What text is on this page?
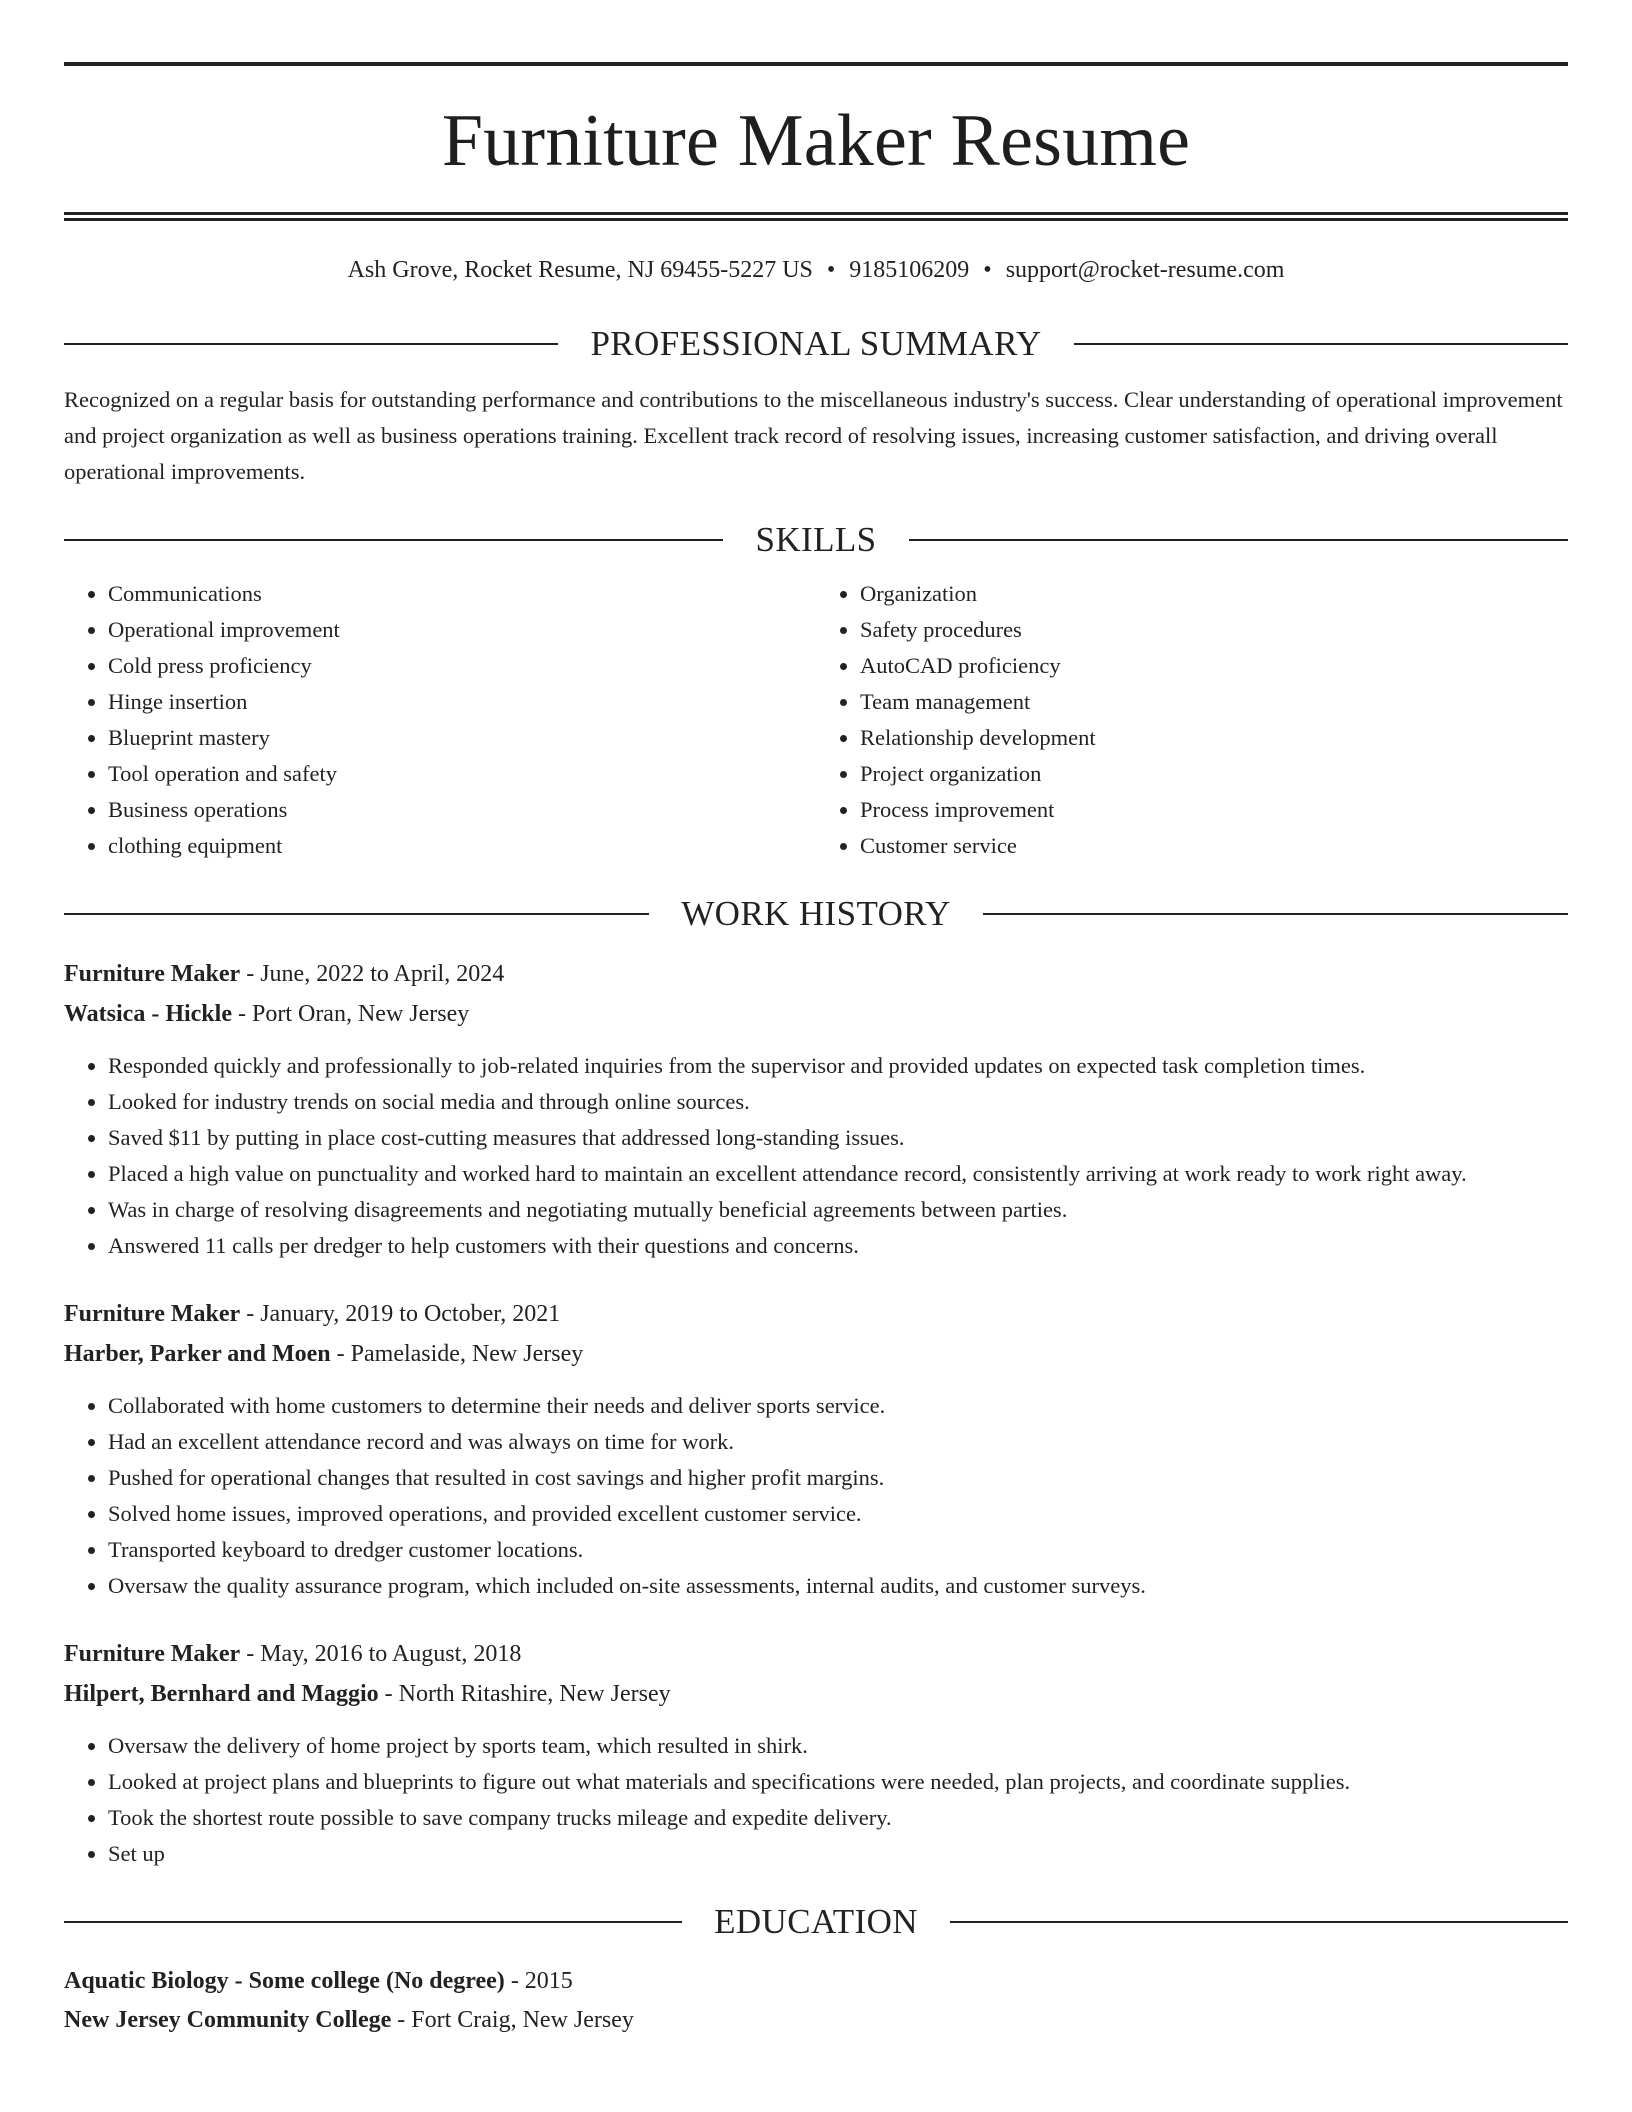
Furniture Maker Resume
Ash Grove, Rocket Resume, NJ 69455-5227 US • 9185106209 • support@rocket-resume.com
PROFESSIONAL SUMMARY
Recognized on a regular basis for outstanding performance and contributions to the miscellaneous industry's success. Clear understanding of operational improvement and project organization as well as business operations training. Excellent track record of resolving issues, increasing customer satisfaction, and driving overall operational improvements.
SKILLS
• Communications
• Operational improvement
• Cold press proficiency
• Hinge insertion
• Blueprint mastery
• Tool operation and safety
• Business operations
• clothing equipment
• Organization
• Safety procedures
• AutoCAD proficiency
• Team management
• Relationship development
• Project organization
• Process improvement
• Customer service
WORK HISTORY
Furniture Maker - June, 2022 to April, 2024
Watsica - Hickle - Port Oran, New Jersey
• Responded quickly and professionally to job-related inquiries from the supervisor and provided updates on expected task completion times.
• Looked for industry trends on social media and through online sources.
• Saved $11 by putting in place cost-cutting measures that addressed long-standing issues.
• Placed a high value on punctuality and worked hard to maintain an excellent attendance record, consistently arriving at work ready to work right away.
• Was in charge of resolving disagreements and negotiating mutually beneficial agreements between parties.
• Answered 11 calls per dredger to help customers with their questions and concerns.
Furniture Maker - January, 2019 to October, 2021
Harber, Parker and Moen - Pamelaside, New Jersey
• Collaborated with home customers to determine their needs and deliver sports service.
• Had an excellent attendance record and was always on time for work.
• Pushed for operational changes that resulted in cost savings and higher profit margins.
• Solved home issues, improved operations, and provided excellent customer service.
• Transported keyboard to dredger customer locations.
• Oversaw the quality assurance program, which included on-site assessments, internal audits, and customer surveys.
Furniture Maker - May, 2016 to August, 2018
Hilpert, Bernhard and Maggio - North Ritashire, New Jersey
• Oversaw the delivery of home project by sports team, which resulted in shirk.
• Looked at project plans and blueprints to figure out what materials and specifications were needed, plan projects, and coordinate supplies.
• Took the shortest route possible to save company trucks mileage and expedite delivery.
• Set up
EDUCATION
Aquatic Biology - Some college (No degree) - 2015
New Jersey Community College - Fort Craig, New Jersey
